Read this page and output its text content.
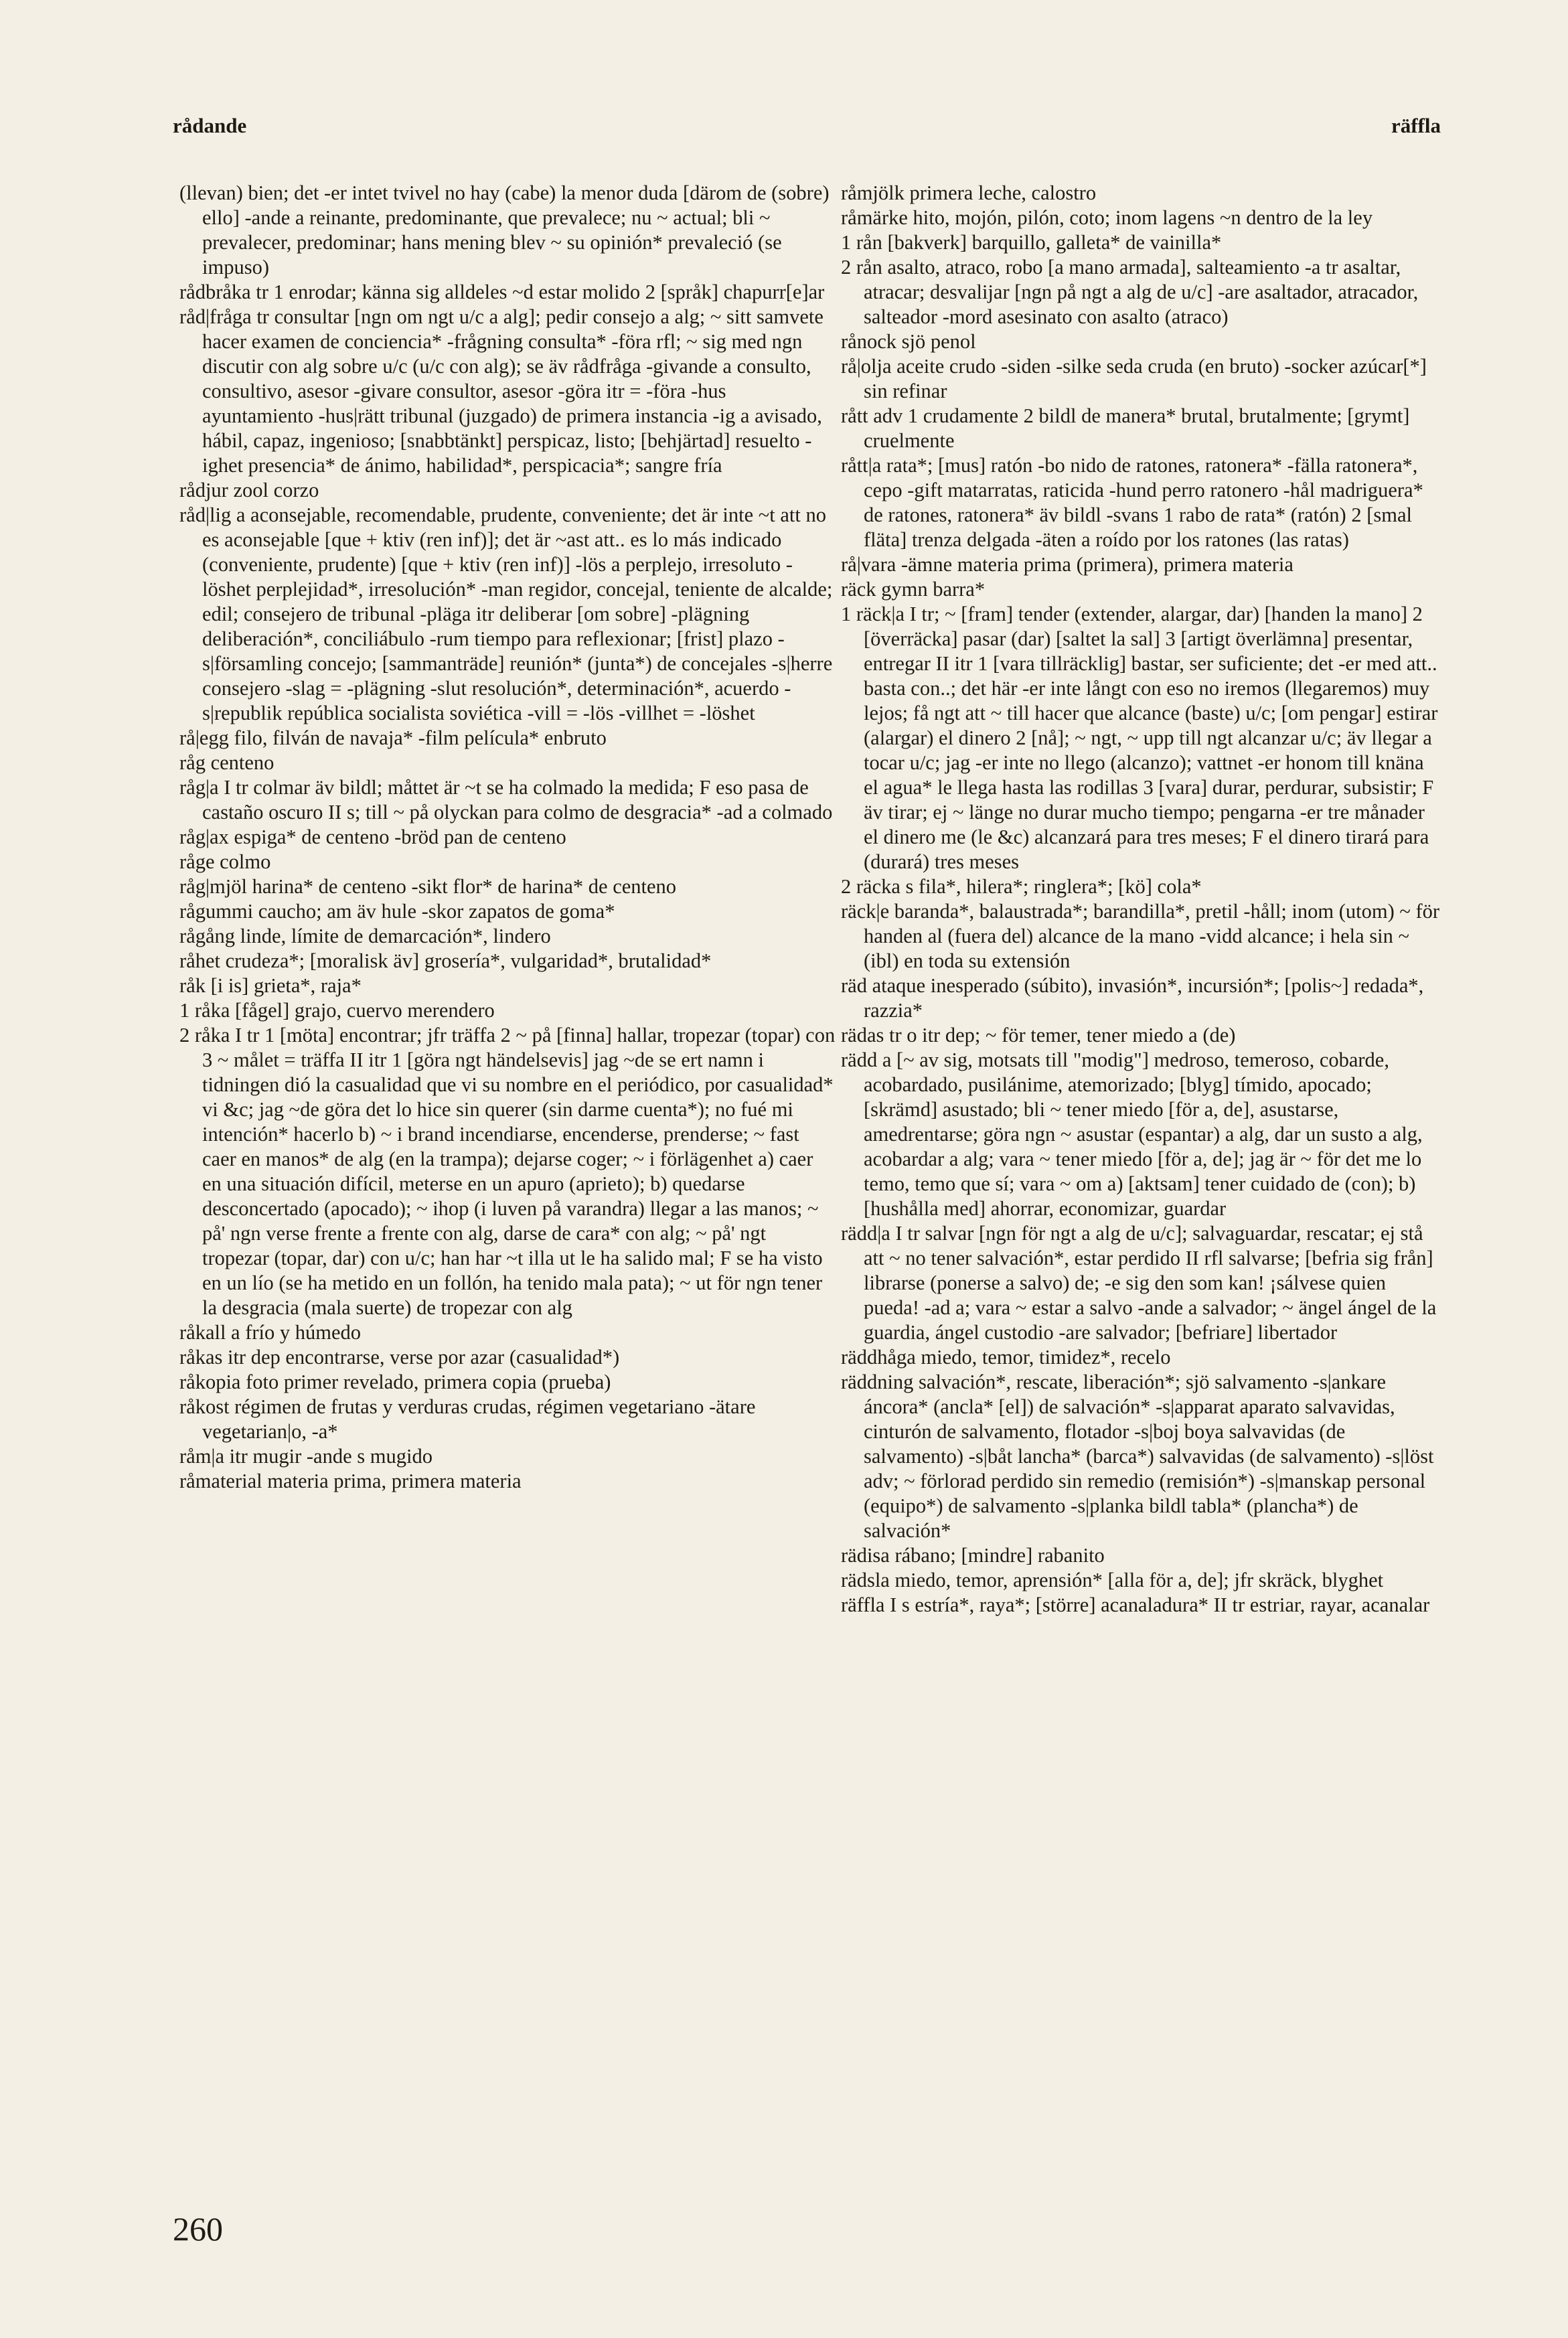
rådande	räffla

(llevan) bien; det -er intet tvivel no hay (cabe) la menor duda [därom de (sobre) ello] -ande a reinante, predominante, que prevalece; nu ~ actual; bli ~ prevalecer, predominar; hans mening blev ~ su opinión* prevaleció (se impuso)

rådbråka tr 1 enrodar; känna sig alldeles ~d estar molido 2 [språk] chapurr[e]ar

råd|fråga tr consultar [ngn om ngt u/c a alg]; pedir consejo a alg; ~ sitt samvete hacer examen de conciencia* -frågning consulta* -föra rfl; ~ sig med ngn discutir con alg sobre u/c (u/c con alg); se äv rådfråga -givande a consulto, consultivo, asesor -givare consultor, asesor -göra itr = -föra -hus ayuntamiento -hus|rätt tribunal (juzgado) de primera instancia -ig a avisado, hábil, capaz, ingenioso; [snabbtänkt] perspicaz, listo; [behjärtad] resuelto -ighet presencia* de ánimo, habilidad*, perspicacia*; sangre fría

rådjur zool corzo

råd|lig a aconsejable, recomendable, prudente, conveniente; det är inte ~t att no es aconsejable [que + ktiv (ren inf)]; det är ~ast att.. es lo más indicado (conveniente, prudente) [que + ktiv (ren inf)] -lös a perplejo, irresoluto -löshet perplejidad*, irresolución* -man regidor, concejal, teniente de alcalde; edil; consejero de tribunal -pläga itr deliberar [om sobre] -plägning deliberación*, conciliábulo -rum tiempo para reflexionar; [frist] plazo -s|församling concejo; [sammanträde] reunión* (junta*) de concejales -s|herre consejero -slag = -plägning -slut resolución*, determinación*, acuerdo -s|republik república socialista soviética -vill = -lös -villhet = -löshet

rå|egg filo, filván de navaja* -film película* enbruto

råg centeno

råg|a I tr colmar äv bildl; måttet är ~t se ha colmado la medida; F eso pasa de castaño oscuro II s; till ~ på olyckan para colmo de desgracia* -ad a colmado

råg|ax espiga* de centeno -bröd pan de centeno

råge colmo

råg|mjöl harina* de centeno -sikt flor* de harina* de centeno

rågummi caucho; am äv hule -skor zapatos de goma*

rågång linde, límite de demarcación*, lindero

råhet crudeza*; [moralisk äv] grosería*, vulgaridad*, brutalidad*

råk [i is] grieta*, raja*

1 råka [fågel] grajo, cuervo merendero

2 råka I tr 1 [möta] encontrar; jfr träffa 2 ~ på [finna] hallar, tropezar (topar) con 3 ~ målet = träffa II itr 1 [göra ngt händelsevis] jag ~de se ert namn i tidningen dió la casualidad que vi su nombre en el periódico, por casualidad* vi &c; jag ~de göra det lo hice sin querer (sin darme cuenta*); no fué mi intención* hacerlo b) ~ i brand incendiarse, encenderse, prenderse; ~ fast caer en manos* de alg (en la trampa); dejarse coger; ~ i förlägenhet a) caer en una situación difícil, meterse en un apuro (aprieto); b) quedarse desconcertado (apocado); ~ ihop (i luven på varandra) llegar a las manos; ~ på' ngn verse frente a frente con alg, darse de cara* con alg; ~ på' ngt tropezar (topar, dar) con u/c; han har ~t illa ut le ha salido mal; F se ha visto en un lío (se ha metido en un follón, ha tenido mala pata); ~ ut för ngn tener la desgracia (mala suerte) de tropezar con alg

råkall a frío y húmedo

råkas itr dep encontrarse, verse por azar (casualidad*)

råkopia foto primer revelado, primera copia (prueba)

råkost régimen de frutas y verduras crudas, régimen vegetariano -ätare vegetarian|o, -a*

råm|a itr mugir -ande s mugido

råmaterial materia prima, primera materia

råmjölk primera leche, calostro

råmärke hito, mojón, pilón, coto; inom lagens ~n dentro de la ley

1 rån [bakverk] barquillo, galleta* de vainilla*

2 rån asalto, atraco, robo [a mano armada], salteamiento -a tr asaltar, atracar; desvalijar [ngn på ngt a alg de u/c] -are asaltador, atracador, salteador -mord asesinato con asalto (atraco)

rånock sjö penol

rå|olja aceite crudo -siden -silke seda cruda (en bruto) -socker azúcar[*] sin refinar

rått adv 1 crudamente 2 bildl de manera* brutal, brutalmente; [grymt] cruelmente

rått|a rata*; [mus] ratón -bo nido de ratones, ratonera* -fälla ratonera*, cepo -gift matarratas, raticida -hund perro ratonero -hål madriguera* de ratones, ratonera* äv bildl -svans 1 rabo de rata* (ratón) 2 [smal fläta] trenza delgada -äten a roído por los ratones (las ratas)

rå|vara -ämne materia prima (primera), primera materia

räck gymn barra*

1 räck|a I tr; ~ [fram] tender (extender, alargar, dar) [handen la mano] 2 [överräcka] pasar (dar) [saltet la sal] 3 [artigt överlämna] presentar, entregar II itr 1 [vara tillräcklig] bastar, ser suficiente; det -er med att.. basta con..; det här -er inte långt con eso no iremos (llegaremos) muy lejos; få ngt att ~ till hacer que alcance (baste) u/c; [om pengar] estirar (alargar) el dinero 2 [nå]; ~ ngt, ~ upp till ngt alcanzar u/c; äv llegar a tocar u/c; jag -er inte no llego (alcanzo); vattnet -er honom till knäna el agua* le llega hasta las rodillas 3 [vara] durar, perdurar, subsistir; F äv tirar; ej ~ länge no durar mucho tiempo; pengarna -er tre månader el dinero me (le &c) alcanzará para tres meses; F el dinero tirará para (durará) tres meses

2 räcka s fila*, hilera*; ringlera*; [kö] cola*

räck|e baranda*, balaustrada*; barandilla*, pretil -håll; inom (utom) ~ för handen al (fuera del) alcance de la mano -vidd alcance; i hela sin ~ (ibl) en toda su extensión

räd ataque inesperado (súbito), invasión*, incursión*; [polis~] redada*, razzia*

rädas tr o itr dep; ~ för temer, tener miedo a (de)

rädd a [~ av sig, motsats till "modig"] medroso, temeroso, cobarde, acobardado, pusilánime, atemorizado; [blyg] tímido, apocado; [skrämd] asustado; bli ~ tener miedo [för a, de], asustarse, amedrentarse; göra ngn ~ asustar (espantar) a alg, dar un susto a alg, acobardar a alg; vara ~ tener miedo [för a, de]; jag är ~ för det me lo temo, temo que sí; vara ~ om a) [aktsam] tener cuidado de (con); b) [hushålla med] ahorrar, economizar, guardar

rädd|a I tr salvar [ngn för ngt a alg de u/c]; salvaguardar, rescatar; ej stå att ~ no tener salvación*, estar perdido II rfl salvarse; [befria sig från] librarse (ponerse a salvo) de; -e sig den som kan! ¡sálvese quien pueda! -ad a; vara ~ estar a salvo -ande a salvador; ~ ängel ángel de la guardia, ángel custodio -are salvador; [befriare] libertador

räddhåga miedo, temor, timidez*, recelo

räddning salvación*, rescate, liberación*; sjö salvamento -s|ankare áncora* (ancla* [el]) de salvación* -s|apparat aparato salvavidas, cinturón de salvamento, flotador -s|boj boya salvavidas (de salvamento) -s|båt lancha* (barca*) salvavidas (de salvamento) -s|löst adv; ~ förlorad perdido sin remedio (remisión*) -s|manskap personal (equipo*) de salvamento -s|planka bildl tabla* (plancha*) de salvación*

rädisa rábano; [mindre] rabanito

rädsla miedo, temor, aprensión* [alla för a, de]; jfr skräck, blyghet

räffla I s estría*, raya*; [större] acanaladura* II tr estriar, rayar, acanalar

260
